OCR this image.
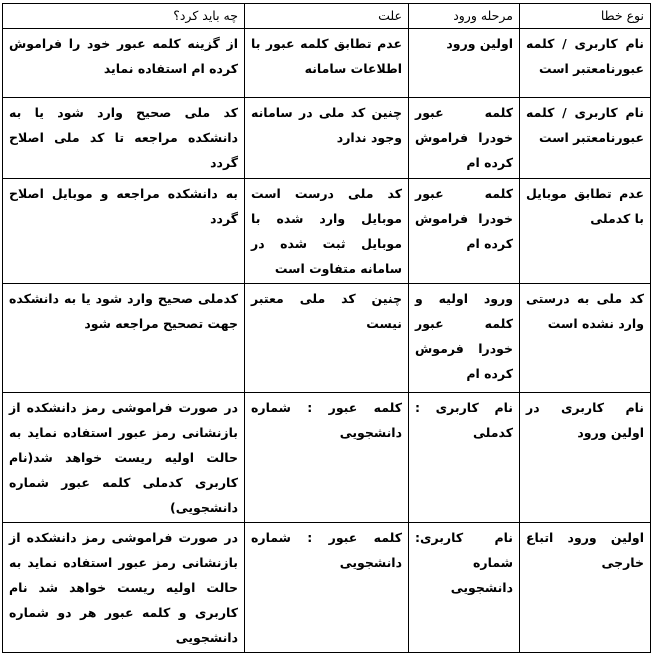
نوع خطا	مرحله ورود	علت	چه باید کرد؟
نام کاربری / کلمه عبورنامعتبر است	اولین ورود	عدم تطابق کلمه عبور با اطلاعات سامانه	از گزینه کلمه عبور خود را فراموش کرده ام استفاده نماید
نام کاربری / کلمه عبورنامعتبر است	کلمه عبور خودرا فراموش کرده ام	چنین کد ملی در سامانه وجود ندارد	کد ملی صحیح وارد شود یا به دانشکده مراجعه تا کد ملی اصلاح گردد
عدم تطابق موبایل با کدملی	کلمه عبور خودرا فراموش کرده ام	کد ملی درست است موبایل وارد شده با موبایل ثبت شده در سامانه متفاوت است	به دانشکده مراجعه و موبایل اصلاح گردد
کد ملی به درستی وارد نشده است	ورود اولیه و کلمه عبور خودرا فرموش کرده ام	چنین کد ملی معتبر نیست	کدملی صحیح وارد شود یا به دانشکده جهت تصحیح مراجعه شود
نام کاربری در اولین ورود	نام کاربری : کدملی	کلمه عبور : شماره دانشجویی	در صورت فراموشی رمز دانشکده از بازنشانی رمز عبور استفاده نماید به حالت اولیه ریست خواهد شد(نام کاربری کدملی کلمه عبور شماره دانشجویی)
اولین ورود اتباع خارجی	نام کاربری: شماره دانشجویی	کلمه عبور : شماره دانشجویی	در صورت فراموشی رمز دانشکده از بازنشانی رمز عبور استفاده نماید به حالت اولیه ریست خواهد شد نام کاربری و کلمه عبور هر دو شماره دانشجویی
